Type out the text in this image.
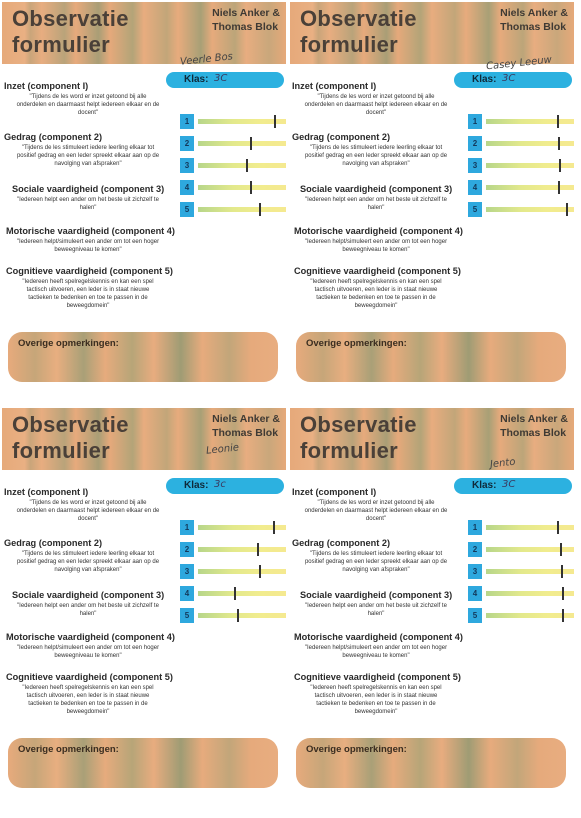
Observatie
formulier
Niels Anker &
Thomas Blok
Veerle Bos
Klas: 3C
Inzet (component I)
"Tijdens de les word er inzet getoond bij alle onderdelen en daarmaast helpt iedereen elkaar en de docent"
1
Gedrag (component 2)
"Tijdens de les stimuleert iedere leerling elkaar tot positief gedrag en een leder spreekt elkaar aan op de navolging van afspraken"
2
Sociale vaardigheid (component 3)
"Iedereen helpt een ander om het beste uit zichzelf te halen"
3
Motorische vaardigheid (component 4)
"Iedereen helpt/simuleert een ander om tot een hoger beweegniveau te komen"
4
Cognitieve vaardigheid (component 5)
"Iedereen heeft spelregelskennis en kan een spel tactisch uitvoeren, een leder is in staat nieuwe tactieken te bedenken en toe te passen in de beweegdomein"
5
Overige opmerkingen:
Observatie
formulier
Niels Anker &
Thomas Blok
Casey Leeuw
Klas: 3C
Inzet (component I)
"Tijdens de les word er inzet getoond bij alle onderdelen en daarmaast helpt iedereen elkaar en de docent"
1
Gedrag (component 2)
"Tijdens de les stimuleert iedere leerling elkaar tot positief gedrag en een leder spreekt elkaar aan op de navolging van afspraken"
2
Sociale vaardigheid (component 3)
"Iedereen helpt een ander om het beste uit zichzelf te halen"
3
Motorische vaardigheid (component 4)
"Iedereen helpt/simuleert een ander om tot een hoger beweegniveau te komen"
4
Cognitieve vaardigheid (component 5)
"Iedereen heeft spelregelskennis en kan een spel tactisch uitvoeren, een leder is in staat nieuwe tactieken te bedenken en toe te passen in de beweegdomein"
5
Overige opmerkingen:
Observatie
formulier
Niels Anker &
Thomas Blok
Leonie
Klas: 3c
Inzet (component I)
"Tijdens de les word er inzet getoond bij alle onderdelen en daarmaast helpt iedereen elkaar en de docent"
1
Gedrag (component 2)
"Tijdens de les stimuleert iedere leerling elkaar tot positief gedrag en een leder spreekt elkaar aan op de navolging van afspraken"
2
Sociale vaardigheid (component 3)
"Iedereen helpt een ander om het beste uit zichzelf te halen"
3
Motorische vaardigheid (component 4)
"Iedereen helpt/simuleert een ander om tot een hoger beweegniveau te komen"
4
Cognitieve vaardigheid (component 5)
"Iedereen heeft spelregelskennis en kan een spel tactisch uitvoeren, een leder is in staat nieuwe tactieken te bedenken en toe te passen in de beweegdomein"
5
Overige opmerkingen:
Observatie
formulier
Niels Anker &
Thomas Blok
Jento
Klas: 3C
Inzet (component I)
"Tijdens de les word er inzet getoond bij alle onderdelen en daarmaast helpt iedereen elkaar en de docent"
1
Gedrag (component 2)
"Tijdens de les stimuleert iedere leerling elkaar tot positief gedrag en een leder spreekt elkaar aan op de navolging van afspraken"
2
Sociale vaardigheid (component 3)
"Iedereen helpt een ander om het beste uit zichzelf te halen"
3
Motorische vaardigheid (component 4)
"Iedereen helpt/simuleert een ander om tot een hoger beweegniveau te komen"
4
Cognitieve vaardigheid (component 5)
"Iedereen heeft spelregelskennis en kan een spel tactisch uitvoeren, een leder is in staat nieuwe tactieken te bedenken en toe te passen in de beweegdomein"
5
Overige opmerkingen:
